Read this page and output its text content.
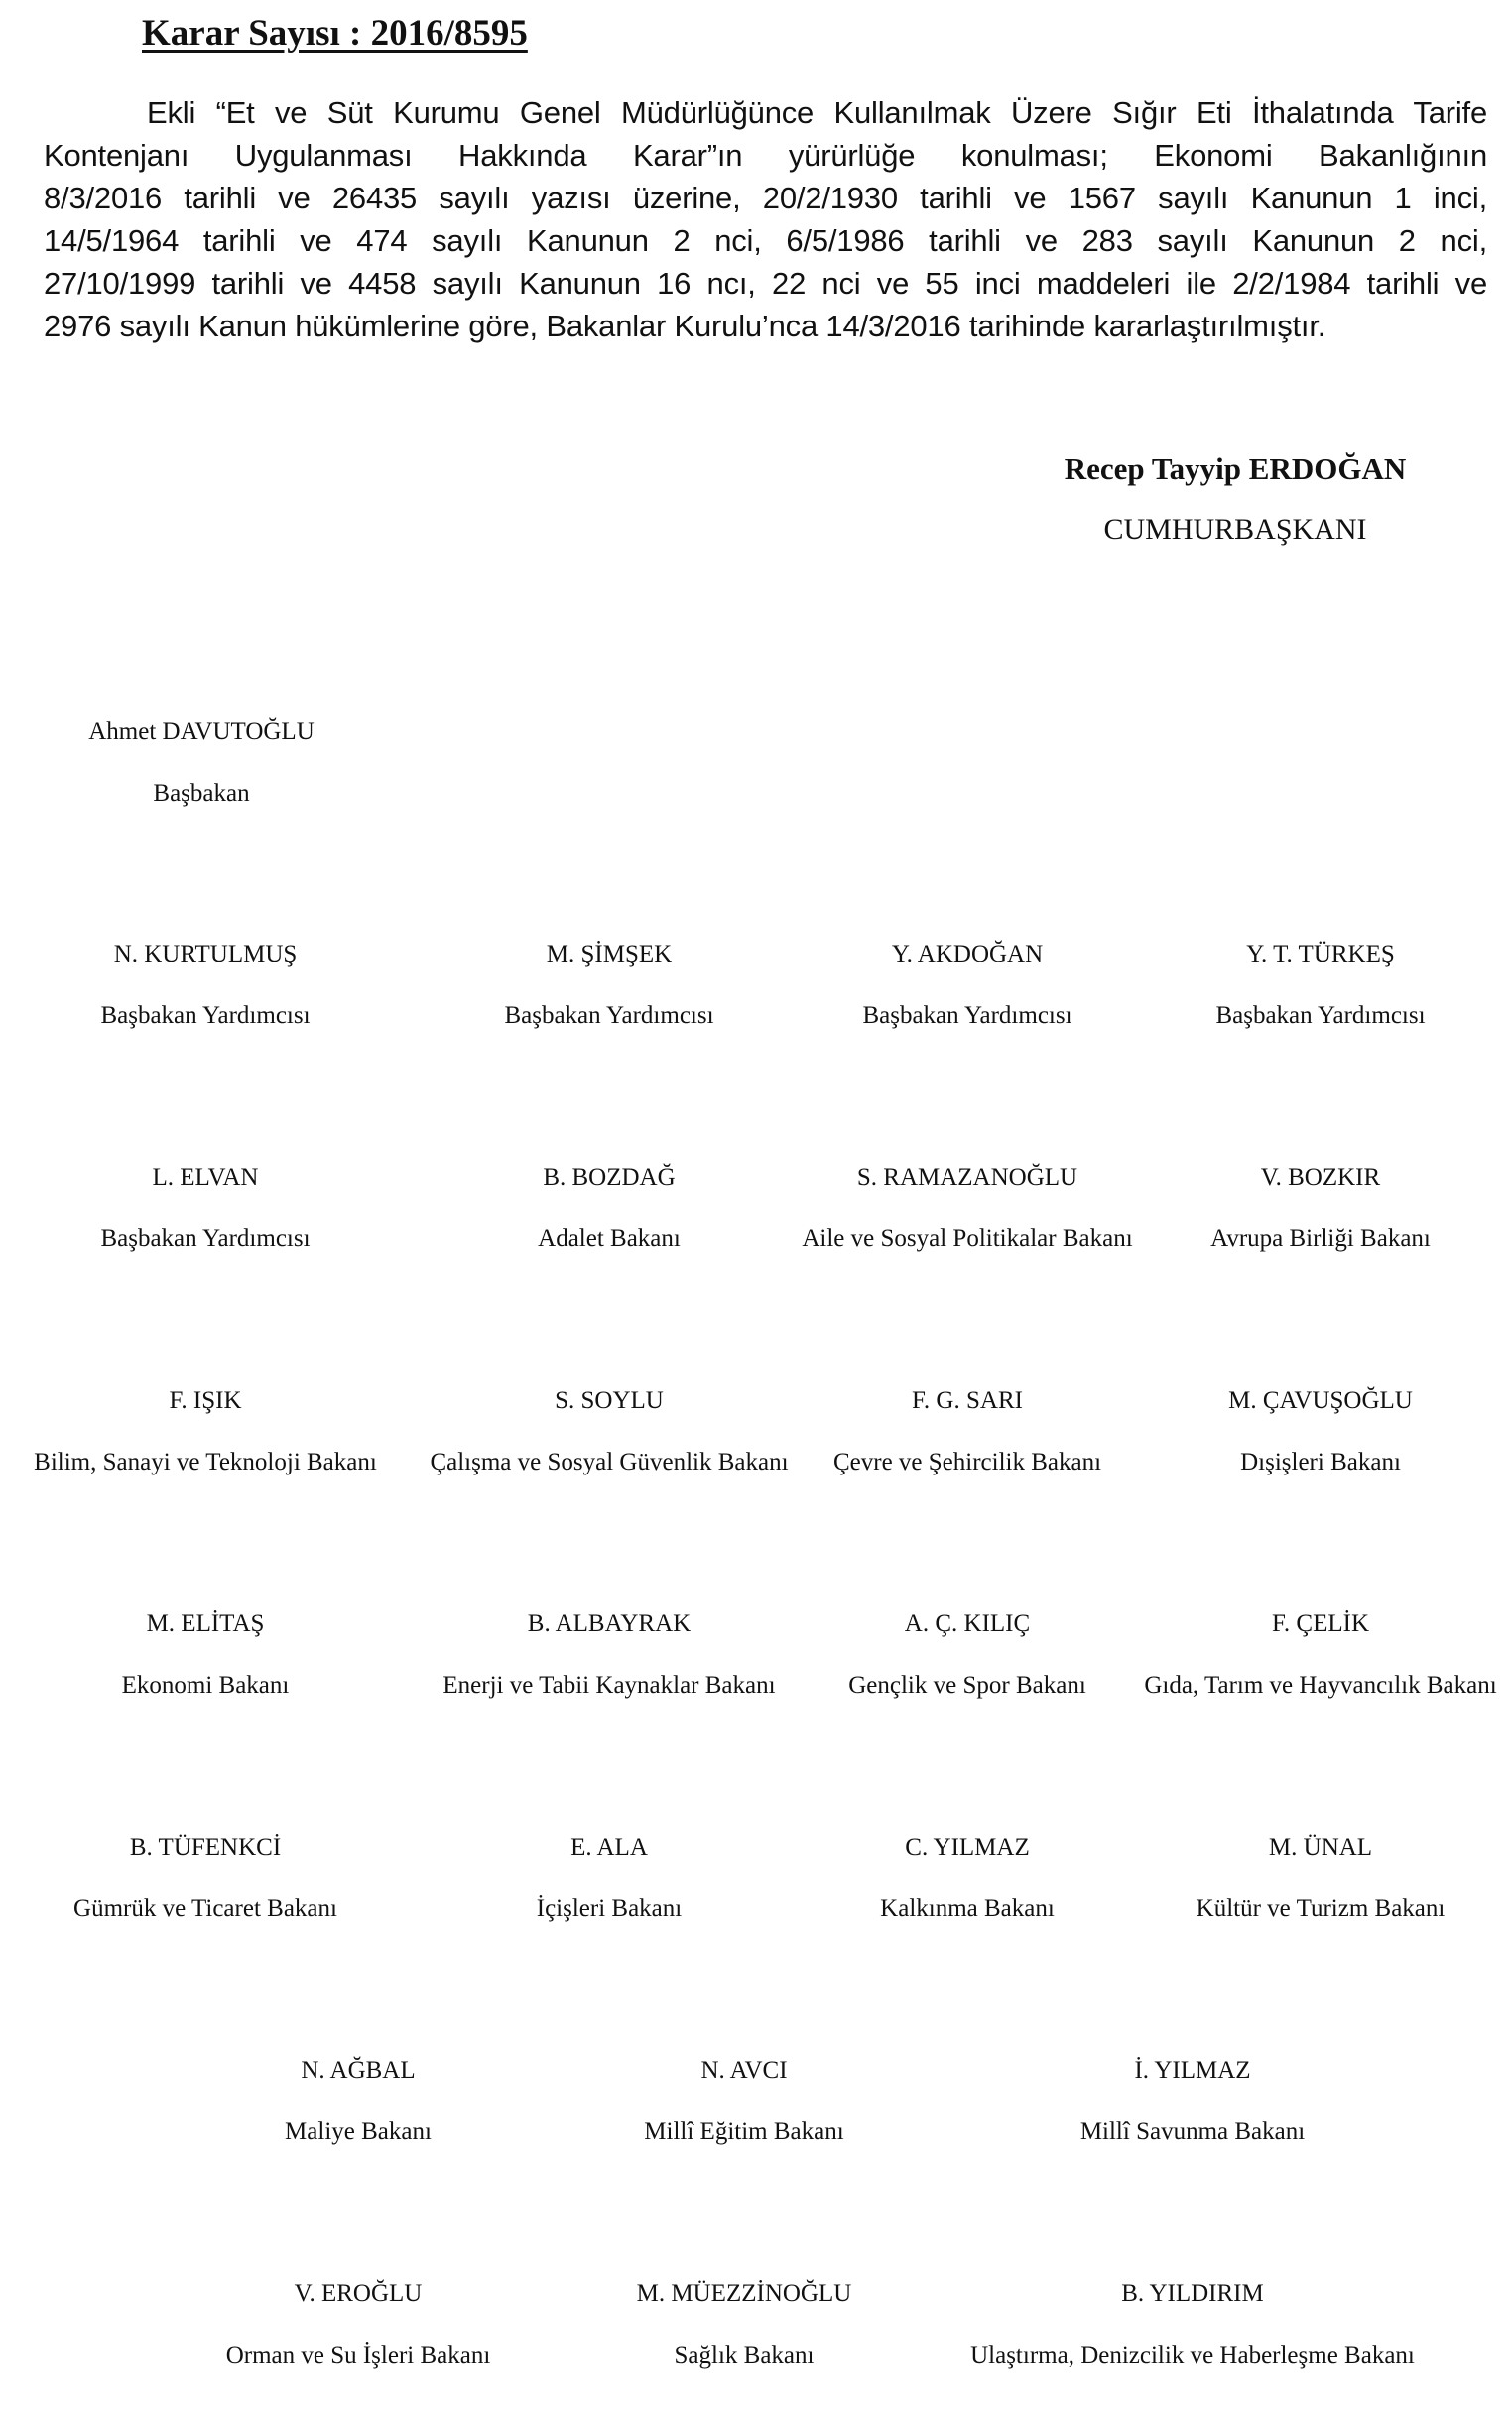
Karar Sayısı : 2016/8595
Ekli “Et ve Süt Kurumu Genel Müdürlüğünce Kullanılmak Üzere Sığır Eti İthalatında Tarife
Kontenjanı Uygulanması Hakkında Karar”ın yürürlüğe konulması; Ekonomi Bakanlığının
8/3/2016 tarihli ve 26435 sayılı yazısı üzerine, 20/2/1930 tarihli ve 1567 sayılı Kanunun 1 inci,
14/5/1964 tarihli ve 474 sayılı Kanunun 2 nci, 6/5/1986 tarihli ve 283 sayılı Kanunun 2 nci,
27/10/1999 tarihli ve 4458 sayılı Kanunun 16 ncı, 22 nci ve 55 inci maddeleri ile 2/2/1984 tarihli ve
2976 sayılı Kanun hükümlerine göre, Bakanlar Kurulu’nca 14/3/2016 tarihinde kararlaştırılmıştır.
Recep Tayyip ERDOĞAN
CUMHURBAŞKANI
Ahmet DAVUTOĞLU
Başbakan
N. KURTULMUŞ
Başbakan Yardımcısı
M. ŞİMŞEK
Başbakan Yardımcısı
Y. AKDOĞAN
Başbakan Yardımcısı
Y. T. TÜRKEŞ
Başbakan Yardımcısı
L. ELVAN
Başbakan Yardımcısı
B. BOZDAĞ
Adalet Bakanı
S. RAMAZANOĞLU
Aile ve Sosyal Politikalar Bakanı
V. BOZKIR
Avrupa Birliği Bakanı
F. IŞIK
Bilim, Sanayi ve Teknoloji Bakanı
S. SOYLU
Çalışma ve Sosyal Güvenlik Bakanı
F. G. SARI
Çevre ve Şehircilik Bakanı
M. ÇAVUŞOĞLU
Dışişleri Bakanı
M. ELİTAŞ
Ekonomi Bakanı
B. ALBAYRAK
Enerji ve Tabii Kaynaklar Bakanı
A. Ç. KILIÇ
Gençlik ve Spor Bakanı
F. ÇELİK
Gıda, Tarım ve Hayvancılık Bakanı
B. TÜFENKCİ
Gümrük ve Ticaret Bakanı
E. ALA
İçişleri Bakanı
C. YILMAZ
Kalkınma Bakanı
M. ÜNAL
Kültür ve Turizm Bakanı
N. AĞBAL
Maliye Bakanı
N. AVCI
Millî Eğitim Bakanı
İ. YILMAZ
Millî Savunma Bakanı
V. EROĞLU
Orman ve Su İşleri Bakanı
M. MÜEZZİNOĞLU
Sağlık Bakanı
B. YILDIRIM
Ulaştırma, Denizcilik ve Haberleşme Bakanı
